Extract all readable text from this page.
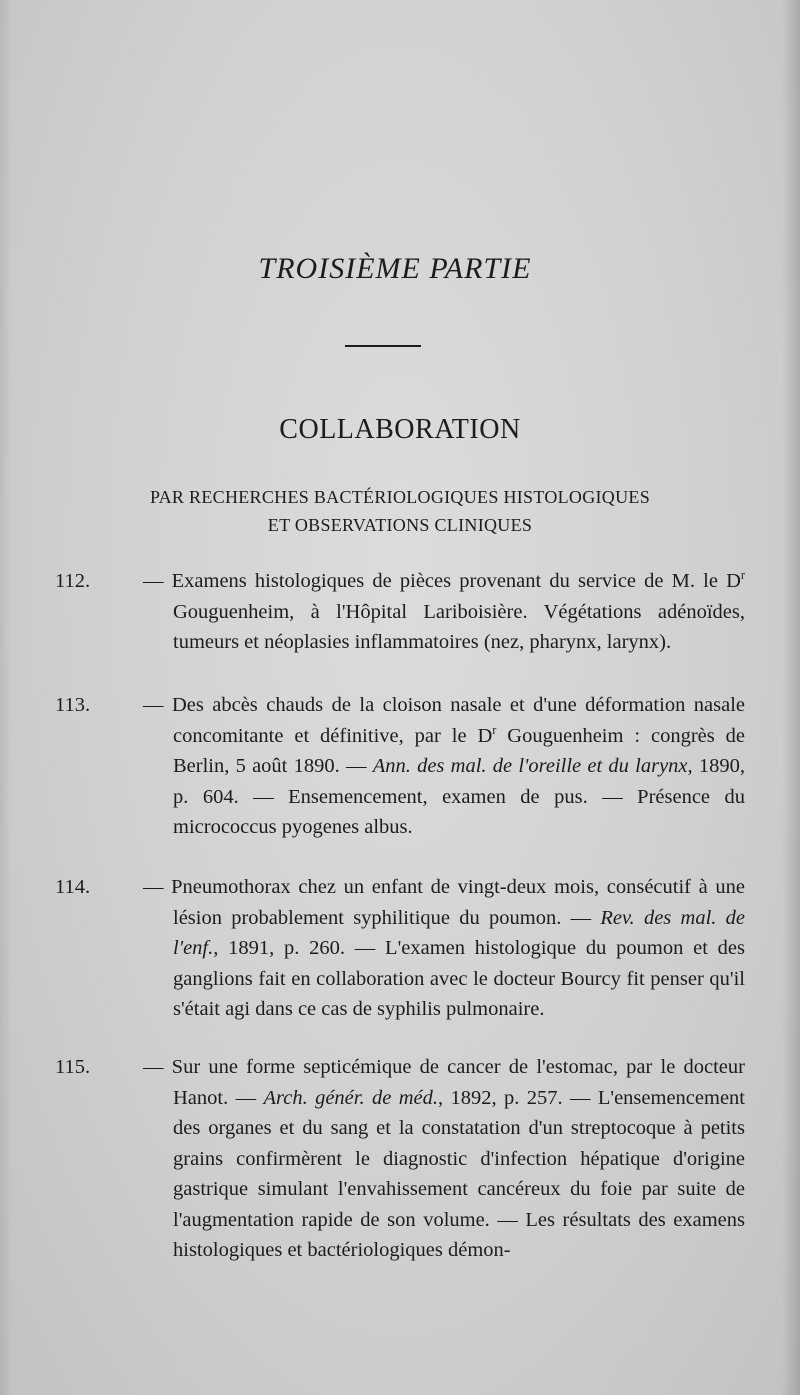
TROISIÈME PARTIE
COLLABORATION
PAR RECHERCHES BACTÉRIOLOGIQUES HISTOLOGIQUES
ET OBSERVATIONS CLINIQUES
112.	— Examens histologiques de pièces provenant du service de M. le $D^r$ Gouguenheim, à l'Hôpital Lariboisière. Végétations adénoïdes, tumeurs et néoplasies inflammatoires (nez, pharynx, larynx).

113.	— Des abcès chauds de la cloison nasale et d'une déformation nasale concomitante et définitive, par le $D^r$ Gouguenheim : congrès de Berlin, 5 août 1890. — Ann. des mal. de l'oreille et du larynx, 1890, p. 604. — Ensemencement, examen de pus. — Présence du micrococcus pyogenes albus.

114.	— Pneumothorax chez un enfant de vingt-deux mois, consécutif à une lésion probablement syphilitique du poumon. — Rev. des mal. de l'enf., 1891, p. 260. — L'examen histologique du poumon et des ganglions fait en collaboration avec le docteur Bourcy fit penser qu'il s'était agi dans ce cas de syphilis pulmonaire.

115.	— Sur une forme septicémique de cancer de l'estomac, par le docteur Hanot. — Arch. génér. de méd., 1892, p. 257. — L'ensemencement des organes et du sang et la constatation d'un streptocoque à petits grains confirmèrent le diagnostic d'infection hépatique d'origine gastrique simulant l'envahissement cancéreux du foie par suite de l'augmentation rapide de son volume. — Les résultats des examens histologiques et bactériologiques démon-
